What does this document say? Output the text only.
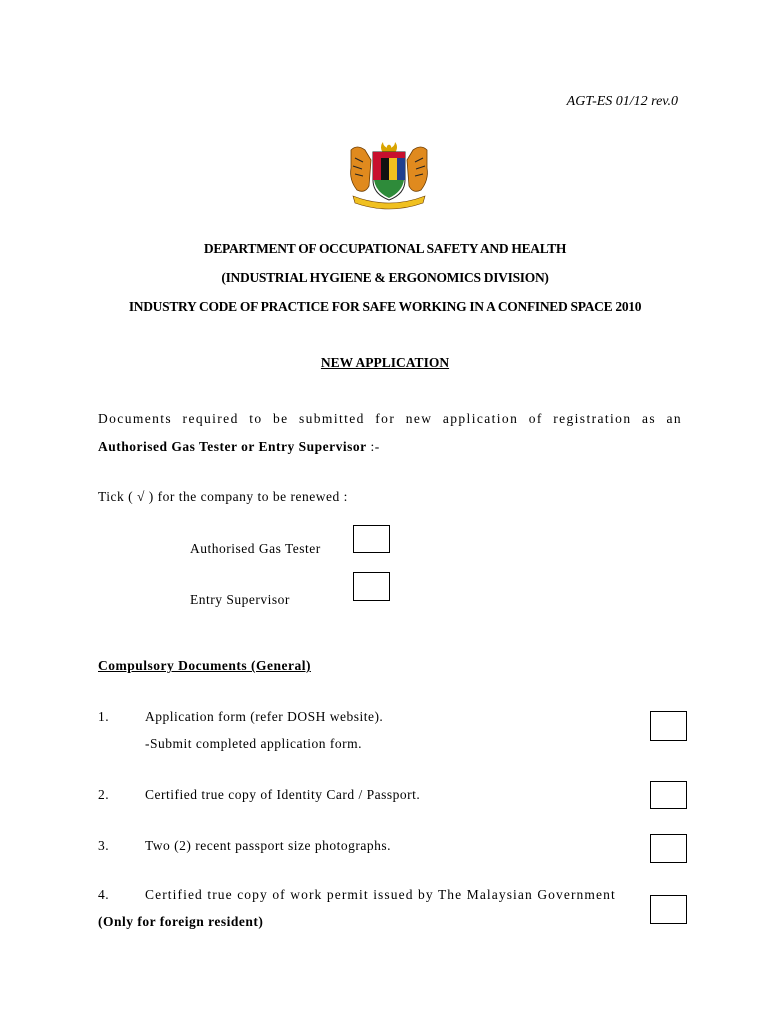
AGT-ES 01/12 rev.0
DEPARTMENT OF OCCUPATIONAL SAFETY AND HEALTH
(INDUSTRIAL HYGIENE & ERGONOMICS DIVISION)
INDUSTRY CODE OF PRACTICE FOR SAFE WORKING IN A CONFINED SPACE 2010
NEW APPLICATION
Documents required to be submitted for new application of registration as an
Authorised Gas Tester or Entry Supervisor :-
Tick ( √ ) for the company to be renewed :
Authorised Gas Tester
Entry Supervisor
Compulsory Documents (General)
1.	Application form (refer DOSH website).
-Submit completed application form.
2.	Certified true copy of Identity Card / Passport.
3.	Two (2) recent passport size photographs.
4.	Certified true copy of work permit issued by The Malaysian Government
(Only for foreign resident)
